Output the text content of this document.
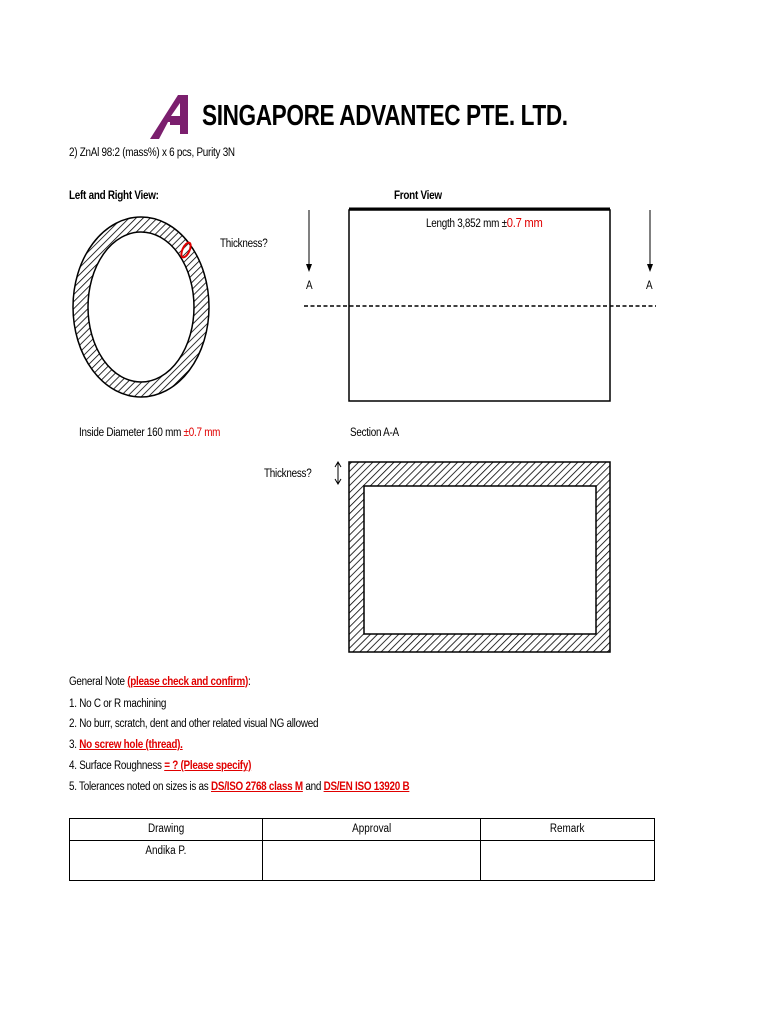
SINGAPORE ADVANTEC PTE. LTD.
2) ZnAl 98:2 (mass%) x 6 pcs, Purity 3N
Left and Right View:	Front View
Thickness?
Length 3,852 mm ±0.7 mm
A	A
Inside Diameter 160 mm ±0.7 mm	Section A-A
Thickness?
General Note (please check and confirm):
1. No C or R machining
2. No burr, scratch, dent and other related visual NG allowed
3. No screw hole (thread).
4. Surface Roughness = ? (Please specify)
5. Tolerances noted on sizes is as DS/ISO 2768 class M and DS/EN ISO 13920 B
Drawing	Approval	Remark
Andika P.		
